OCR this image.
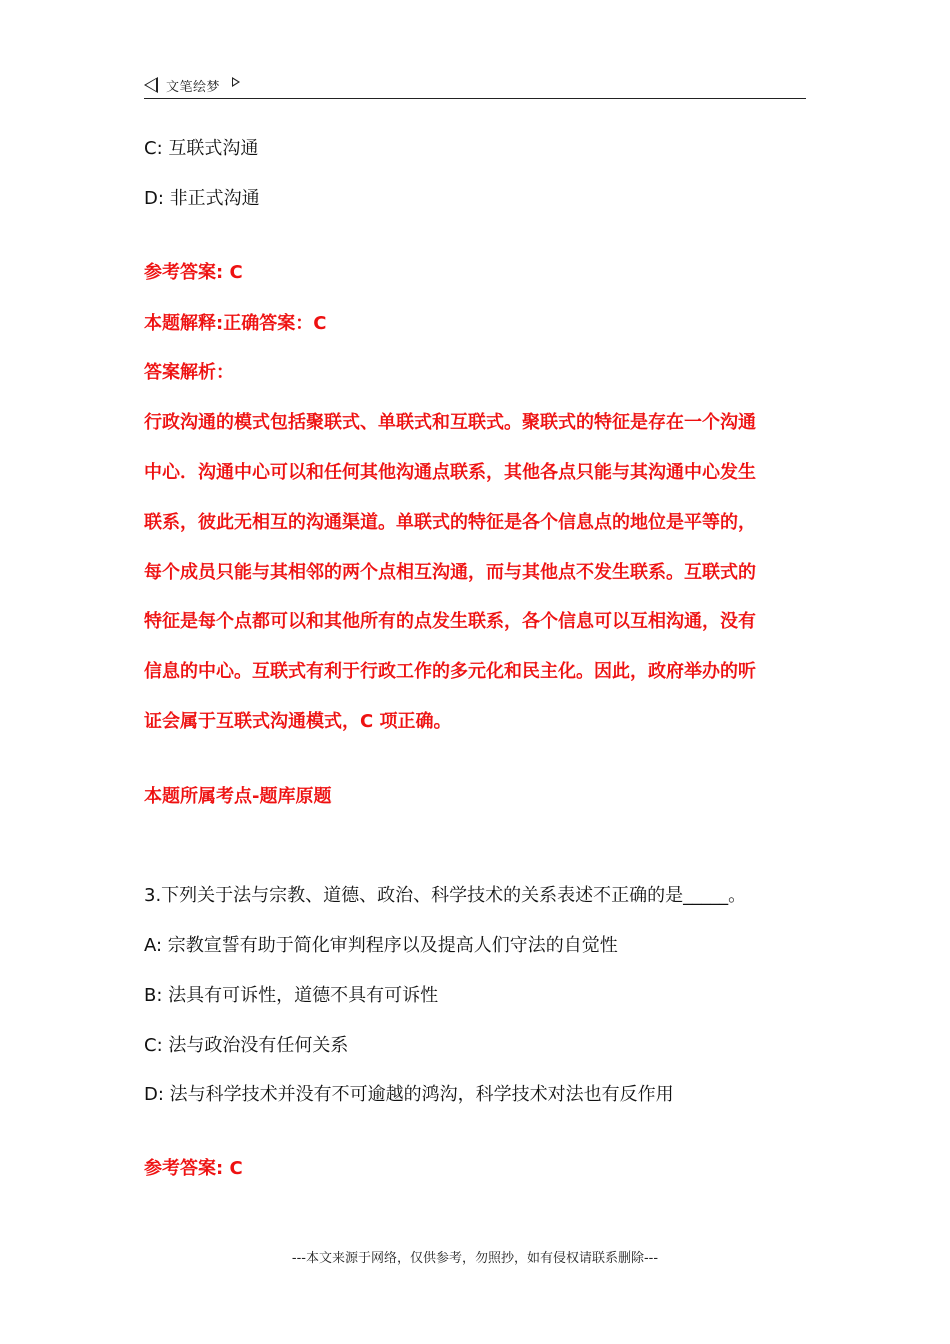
文笔绘梦
C: 互联式沟通
D: 非正式沟通
参考答案: C
本题解释:正确答案：C
答案解析：
行政沟通的模式包括聚联式、单联式和互联式。聚联式的特征是存在一个沟通
中心．沟通中心可以和任何其他沟通点联系，其他各点只能与其沟通中心发生
联系，彼此无相互的沟通渠道。单联式的特征是各个信息点的地位是平等的，
每个成员只能与其相邻的两个点相互沟通，而与其他点不发生联系。互联式的
特征是每个点都可以和其他所有的点发生联系，各个信息可以互相沟通，没有
信息的中心。互联式有利于行政工作的多元化和民主化。因此，政府举办的听
证会属于互联式沟通模式，C 项正确。
本题所属考点-题库原题
3.下列关于法与宗教、道德、政治、科学技术的关系表述不正确的是_____。
A: 宗教宣誓有助于简化审判程序以及提高人们守法的自觉性
B: 法具有可诉性，道德不具有可诉性
C: 法与政治没有任何关系
D: 法与科学技术并没有不可逾越的鸿沟，科学技术对法也有反作用
参考答案: C
---本文来源于网络，仅供参考，勿照抄，如有侵权请联系删除---
